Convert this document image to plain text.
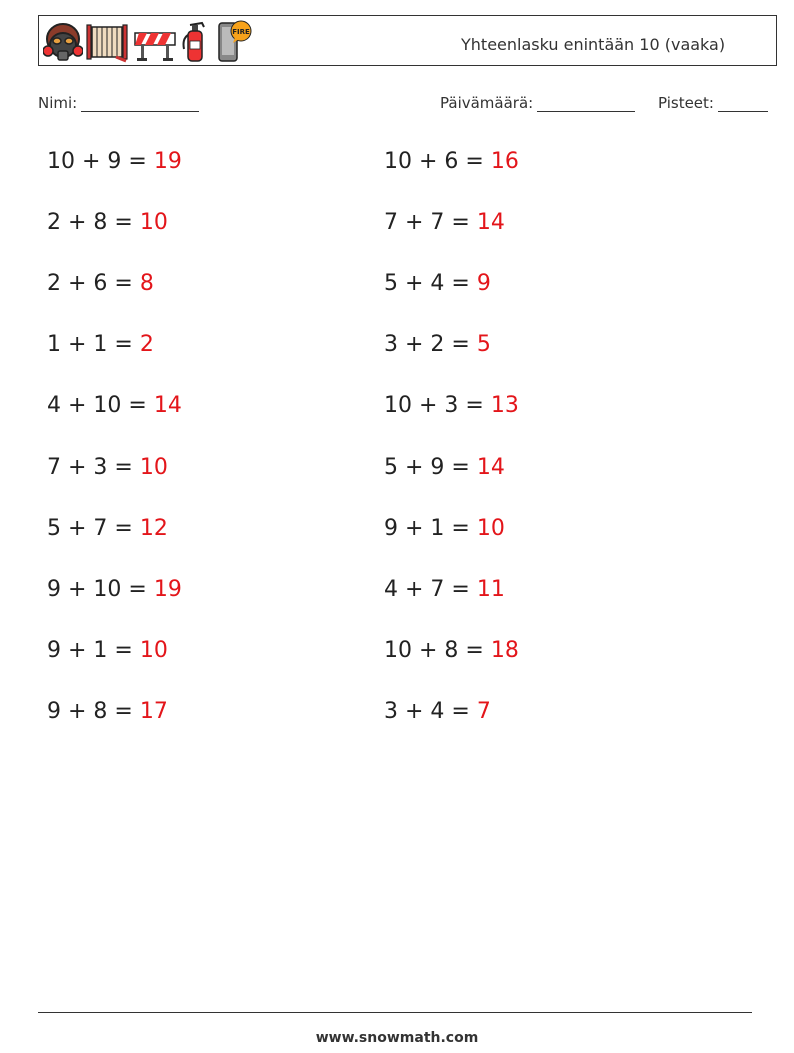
FIRE
Yhteenlasku enintään 10 (vaaka)
Nimi:	Päivämäärä:	Pisteet:
10 + 9 = 19
2 + 8 = 10
2 + 6 = 8
1 + 1 = 2
4 + 10 = 14
7 + 3 = 10
5 + 7 = 12
9 + 10 = 19
9 + 1 = 10
9 + 8 = 17
10 + 6 = 16
7 + 7 = 14
5 + 4 = 9
3 + 2 = 5
10 + 3 = 13
5 + 9 = 14
9 + 1 = 10
4 + 7 = 11
10 + 8 = 18
3 + 4 = 7
www.snowmath.com
